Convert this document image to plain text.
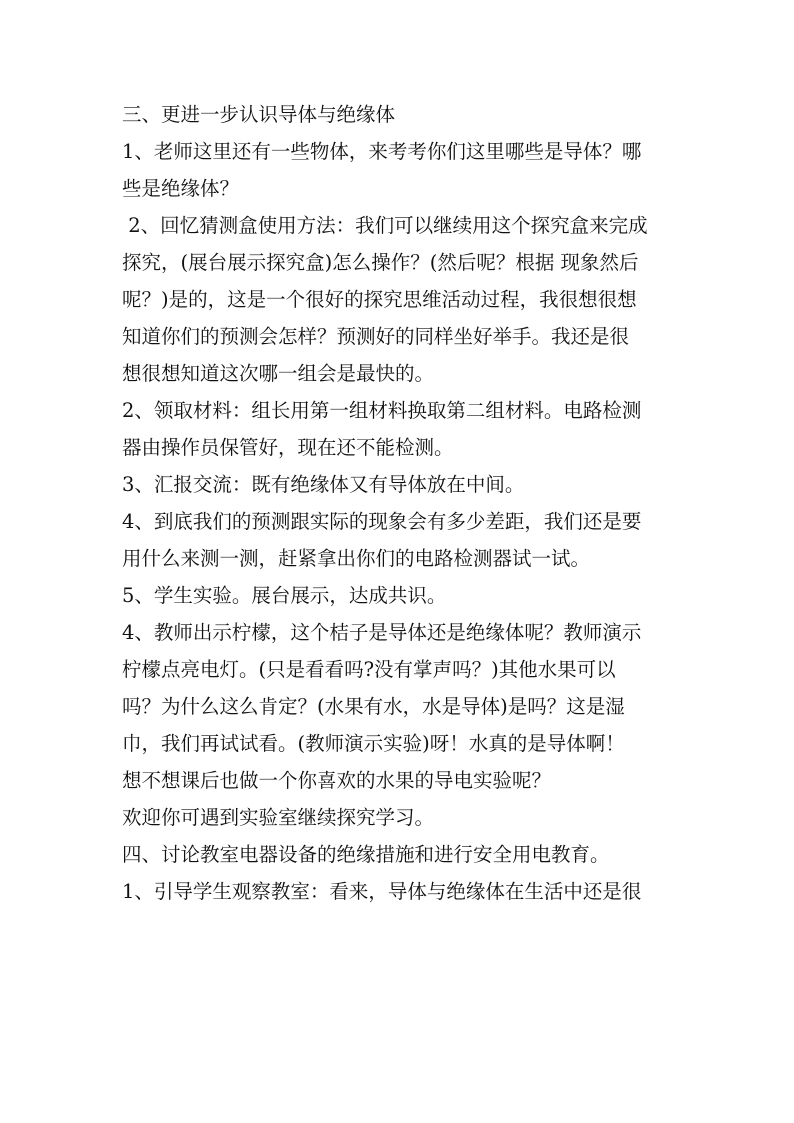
三、更进一步认识导体与绝缘体
1、老师这里还有一些物体，来考考你们这里哪些是导体？哪
些是绝缘体？
2、回忆猜测盒使用方法：我们可以继续用这个探究盒来完成
探究，(展台展示探究盒)怎么操作？(然后呢？根据 现象然后
呢？)是的，这是一个很好的探究思维活动过程，我很想很想
知道你们的预测会怎样？预测好的同样坐好举手。我还是很
想很想知道这次哪一组会是最快的。
2、领取材料：组长用第一组材料换取第二组材料。电路检测
器由操作员保管好，现在还不能检测。
3、汇报交流：既有绝缘体又有导体放在中间。
4、到底我们的预测跟实际的现象会有多少差距，我们还是要
用什么来测一测，赶紧拿出你们的电路检测器试一试。
5、学生实验。展台展示，达成共识。
4、教师出示柠檬，这个桔子是导体还是绝缘体呢？教师演示
柠檬点亮电灯。(只是看看吗?没有掌声吗？)其他水果可以
吗？为什么这么肯定？(水果有水，水是导体)是吗？这是湿
巾，我们再试试看。(教师演示实验)呀！水真的是导体啊！
想不想课后也做一个你喜欢的水果的导电实验呢？
欢迎你可遇到实验室继续探究学习。
四、讨论教室电器设备的绝缘措施和进行安全用电教育。
1、引导学生观察教室：看来，导体与绝缘体在生活中还是很
